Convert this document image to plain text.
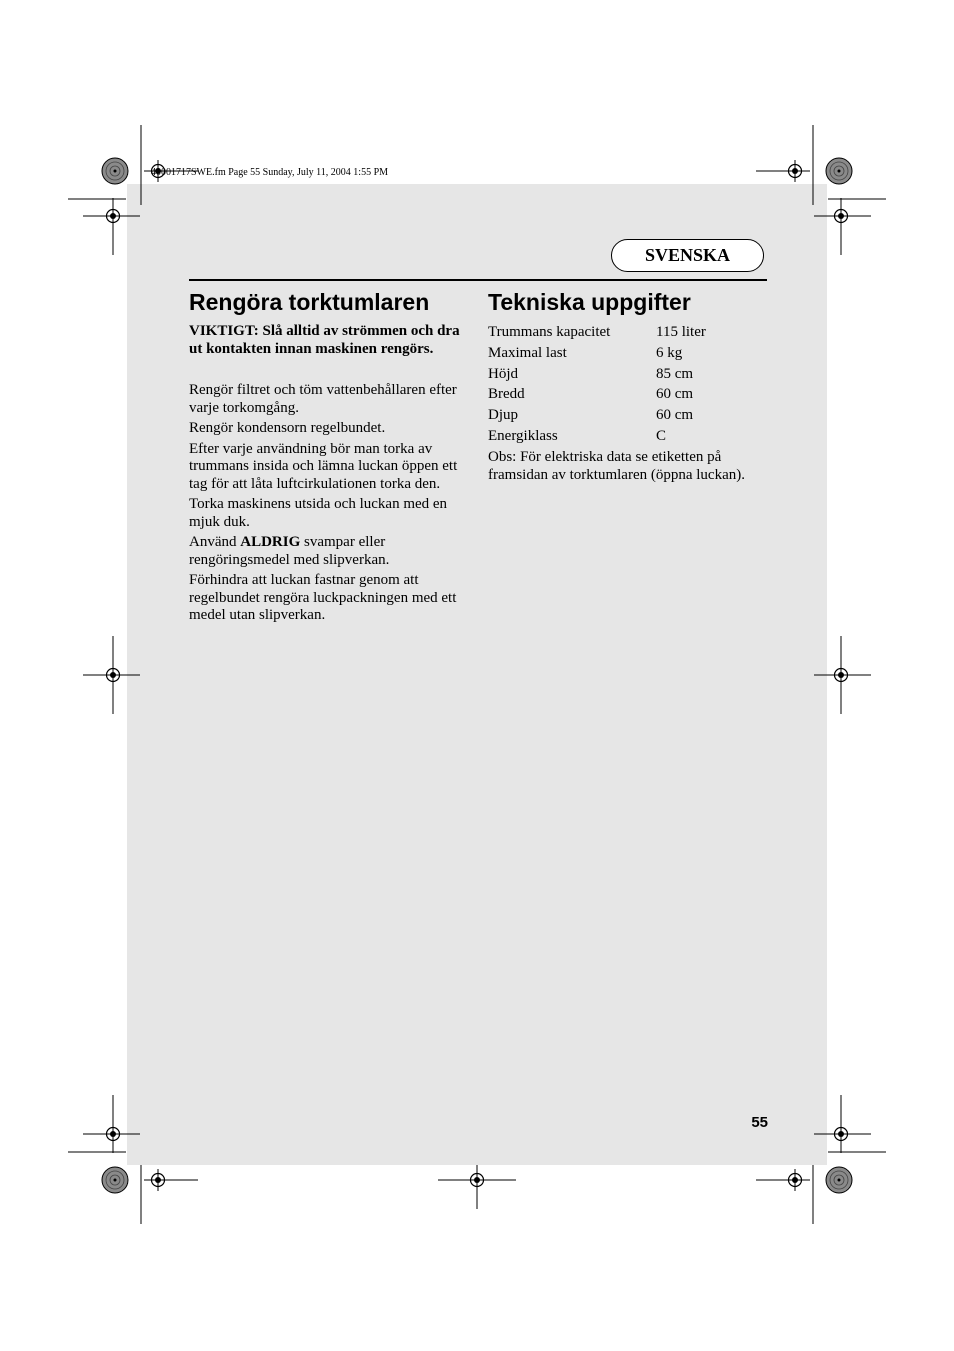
40001717SWE.fm Page 55 Sunday, July 11, 2004 1:55 PM
SVENSKA
Rengöra torktumlaren

VIKTIGT: Slå alltid av strömmen och dra ut kontakten innan maskinen rengörs.

Rengör filtret och töm vattenbehållaren efter varje torkomgång.

Rengör kondensorn regelbundet.

Efter varje användning bör man torka av trummans insida och lämna luckan öppen ett tag för att låta luftcirkulationen torka den.

Torka maskinens utsida och luckan med en mjuk duk.

Använd ALDRIG svampar eller rengöringsmedel med slipverkan.

Förhindra att luckan fastnar genom att regelbundet rengöra luckpackningen med ett medel utan slipverkan.

Tekniska uppgifter
Trummans kapacitet	115 liter
Maximal last	6 kg
Höjd	85 cm
Bredd	60 cm
Djup	60 cm
Energiklass	C

Obs: För elektriska data se etiketten på framsidan av torktumlaren (öppna luckan).

55
